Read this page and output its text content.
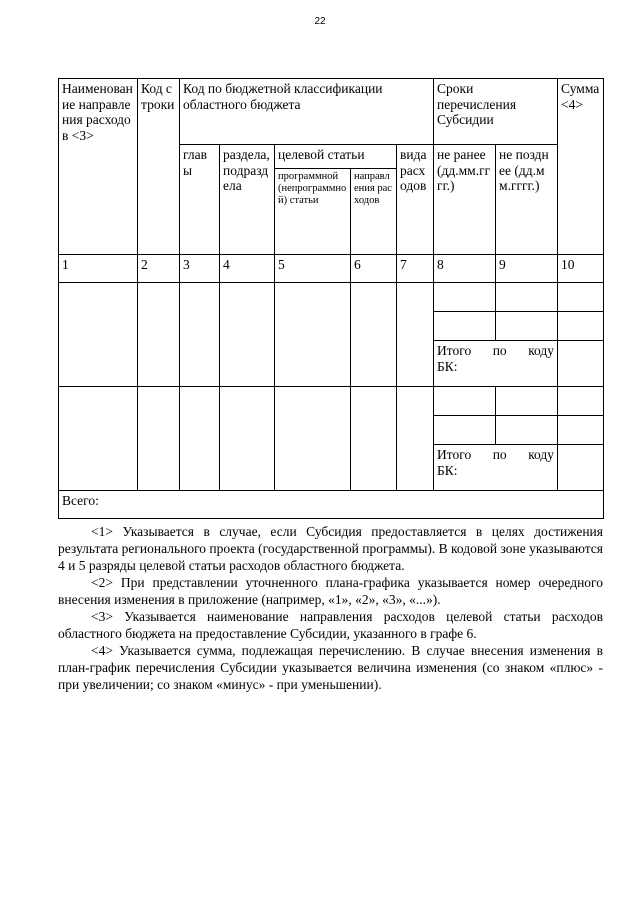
22
Наименование направления расходов <3>	Код строки	Код по бюджетной классификации областного бюджета					Сроки перечисления Субсидии		Сумма <4>
		главы	раздела, подраздела	целевой статьи		вида расходов	не ранее (дд.мм.гггг.)	не позднее (дд.мм.гггг.)	
				программной (непрограммной) статьи	направления расходов				
1	2	3	4	5	6	7	8	9	10

							Итого по коду
БК:		

							Итого по коду
БК:		

Всего:									

<1> Указывается в случае, если Субсидия предоставляется в целях достижения результата регионального проекта (государственной программы). В кодовой зоне указываются 4 и 5 разряды целевой статьи расходов областного бюджета.

<2> При представлении уточненного плана-графика указывается номер очередного внесения изменения в приложение (например, «1», «2», «3», «...»).

<3> Указывается наименование направления расходов целевой статьи расходов областного бюджета на предоставление Субсидии, указанного в графе 6.

<4> Указывается сумма, подлежащая перечислению. В случае внесения изменения в план-график перечисления Субсидии указывается величина изменения (со знаком «плюс» - при увеличении; со знаком «минус» - при уменьшении).
